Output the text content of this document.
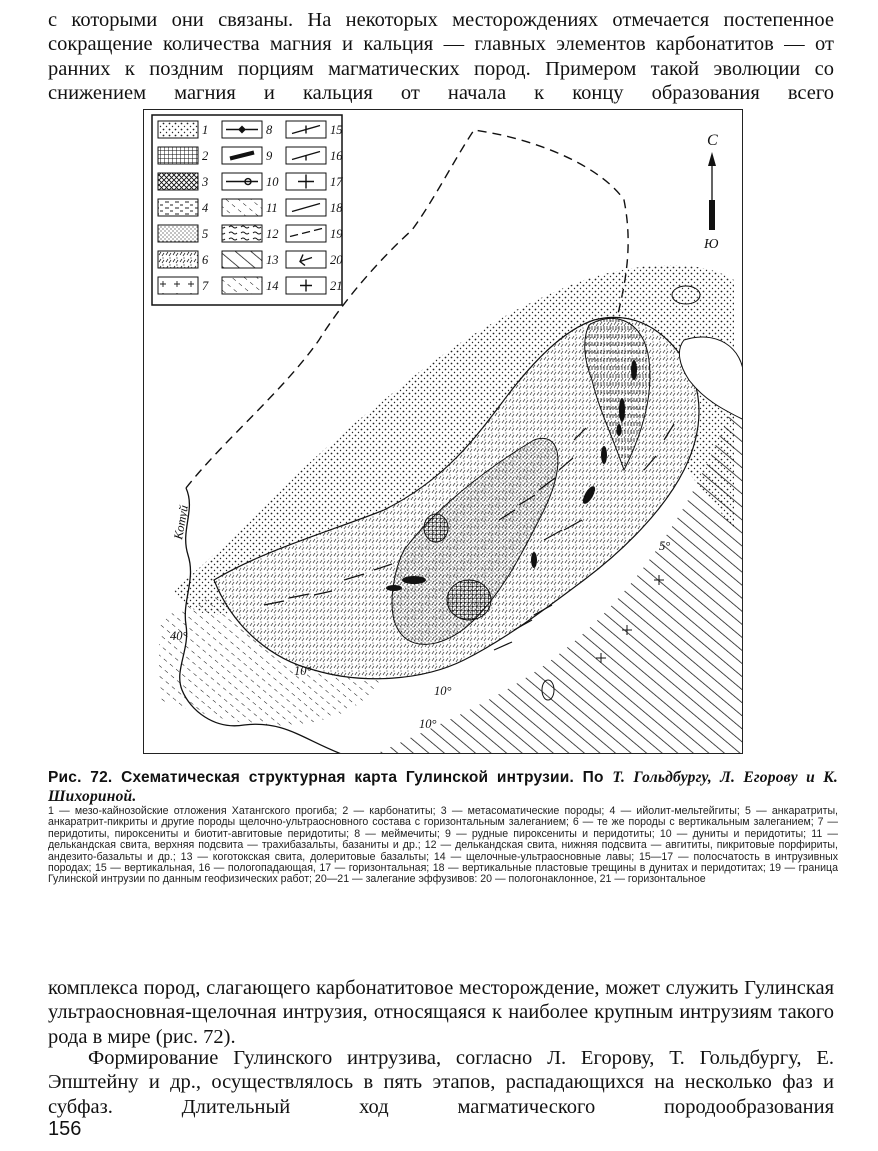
с которыми они связаны. На некоторых месторождениях отмечается постепенное сокращение количества магния и кальция — главных элементов карбонатитов — от ранних к поздним порциям магматических пород. Примером такой эволюции со снижением магния и кальция от начала к концу образования всего

1
2
3
4
5
6
7
8
9
10
11
12
13
14
15
16
17
18
19
20
21
Котуй
40°
10°
10°
10°
5°
С
Ю

Рис. 72. Схематическая структурная карта Гулинской интрузии. По Т. Гольдбургу, Л. Егорову и К. Шихориной.

1 — мезо-кайнозойские отложения Хатангского прогиба; 2 — карбонатиты; 3 — метасоматические породы; 4 — ийолит-мельтейгиты; 5 — анкаратриты, анкаратрит-пикриты и другие породы щелочно-ультраосновного состава с горизонтальным залеганием; 6 — те же породы с вертикальным залеганием; 7 — перидотиты, пироксениты и биотит-авгитовые перидотиты; 8 — меймечиты; 9 — рудные пироксениты и перидотиты; 10 — дуниты и перидотиты; 11 — делькандская свита, верхняя подсвита — трахибазальты, базаниты и др.; 12 — делькандская свита, нижняя подсвита — авгититы, пикритовые порфириты, андезито-базальты и др.; 13 — коготокская свита, долеритовые базальты; 14 — щелочные-ультраосновные лавы; 15—17 — полосчатость в интрузивных породах; 15 — вертикальная, 16 — пологопадающая, 17 — горизонтальная; 18 — вертикальные пластовые трещины в дунитах и перидотитах; 19 — граница Гулинской интрузии по данным геофизических работ; 20—21 — залегание эффузивов: 20 — пологонаклонное, 21 — горизонтальное

комплекса пород, слагающего карбонатитовое месторождение, может служить Гулинская ультраосновная-щелочная интрузия, относящаяся к наиболее крупным интрузиям такого рода в мире (рис. 72).

Формирование Гулинского интрузива, согласно Л. Егорову, Т. Гольдбургу, Е. Эпштейну и др., осуществлялось в пять этапов, распадающихся на несколько фаз и субфаз. Длительный ход магматического породообразования

156
